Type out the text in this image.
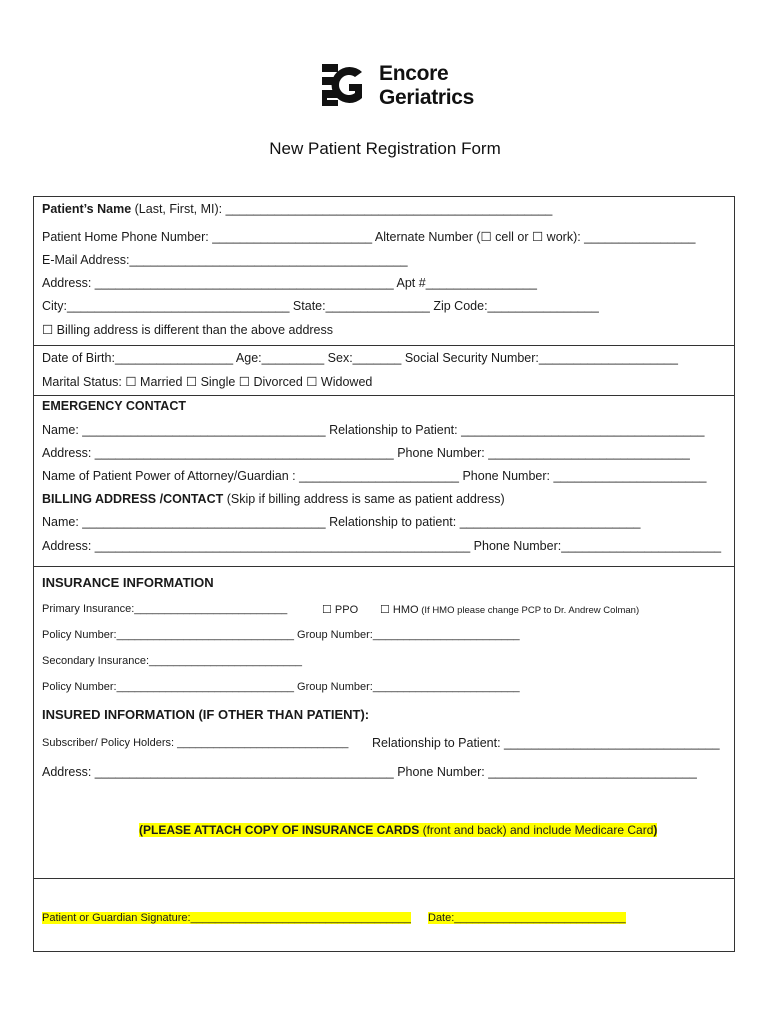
Encore
Geriatrics
New Patient Registration Form
Patient’s Name (Last, First, MI): _______________________________________________
Patient Home Phone Number: _______________________ Alternate Number (☐ cell or ☐ work): ________________
E-Mail Address:________________________________________
Address: ___________________________________________ Apt #________________
City:________________________________ State:_______________ Zip Code:________________
☐ Billing address is different than the above address
Date of Birth:_________________ Age:_________ Sex:_______ Social Security Number:____________________
Marital Status: ☐ Married ☐ Single ☐ Divorced ☐ Widowed
EMERGENCY CONTACT
Name: ___________________________________ Relationship to Patient: ___________________________________
Address: ___________________________________________ Phone Number: _____________________________
Name of Patient Power of Attorney/Guardian : _______________________ Phone Number: ______________________
BILLING ADDRESS /CONTACT (Skip if billing address is same as patient address)
Name: ___________________________________ Relationship to patient: __________________________
Address: ______________________________________________________ Phone Number:_______________________
INSURANCE INFORMATION
Primary Insurance:_________________________	☐ PPO ☐ HMO (If HMO please change PCP to Dr. Andrew Colman)
Policy Number:_____________________________ Group Number:________________________
Secondary Insurance:_________________________
Policy Number:_____________________________ Group Number:________________________
INSURED INFORMATION (IF OTHER THAN PATIENT):
Subscriber/ Policy Holders: ____________________________ Relationship to Patient: _______________________________
Address: ___________________________________________ Phone Number: ______________________________
(PLEASE ATTACH COPY OF INSURANCE CARDS (front and back) and include Medicare Card)
Patient or Guardian Signature:____________________________________ Date:____________________________
